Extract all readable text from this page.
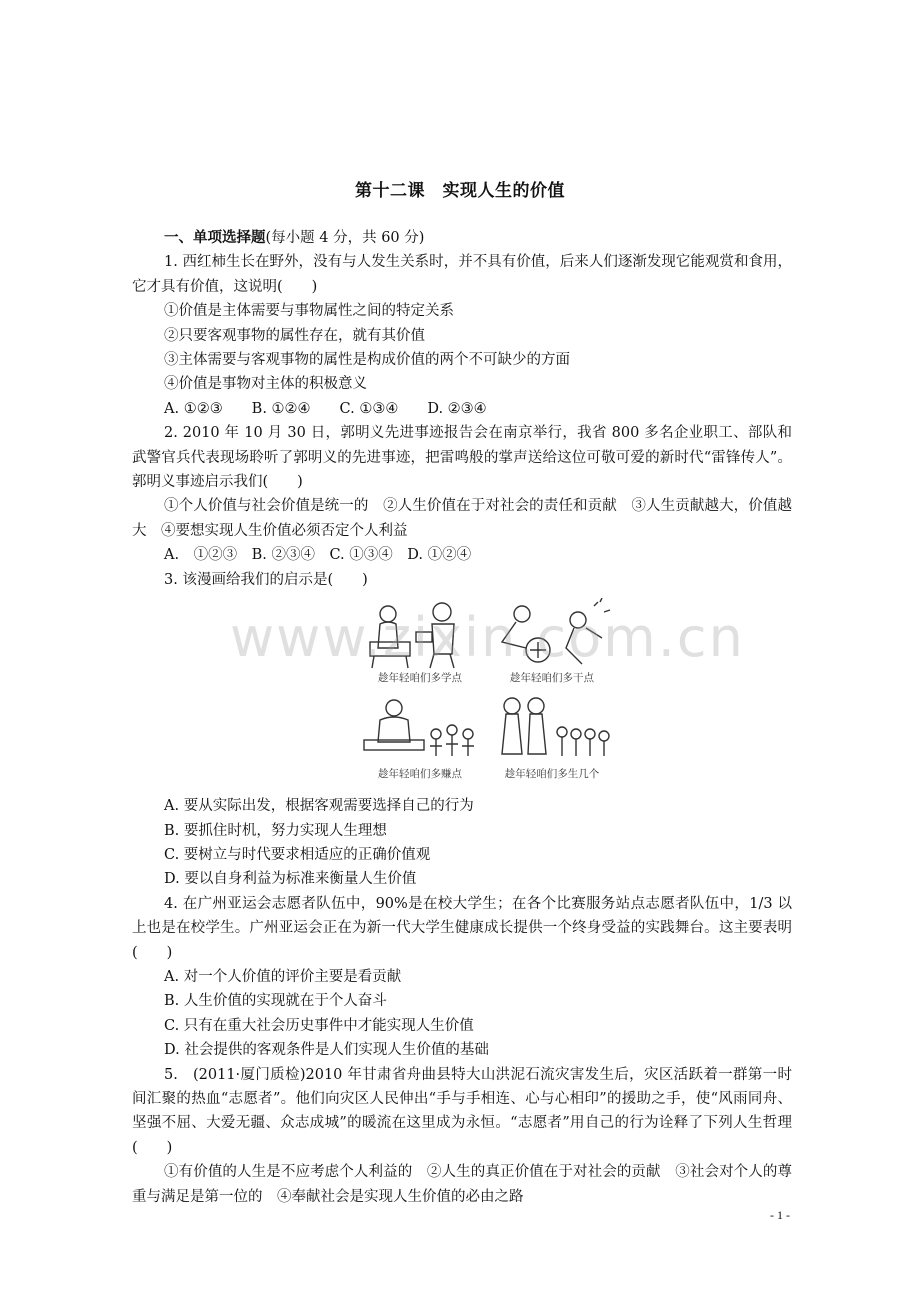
第十二课　实现人生的价值
一、单项选择题(每小题 4 分，共 60 分)
1. 西红柿生长在野外，没有与人发生关系时，并不具有价值，后来人们逐渐发现它能观赏和食用，它才具有价值，这说明(　　)
①价值是主体需要与事物属性之间的特定关系
②只要客观事物的属性存在，就有其价值
③主体需要与客观事物的属性是构成价值的两个不可缺少的方面
④价值是事物对主体的积极意义
A. ①②③　　B. ①②④　　C. ①③④　　D. ②③④
2. 2010 年 10 月 30 日，郭明义先进事迹报告会在南京举行，我省 800 多名企业职工、部队和武警官兵代表现场聆听了郭明义的先进事迹，把雷鸣般的掌声送给这位可敬可爱的新时代“雷锋传人”。郭明义事迹启示我们(　　)
①个人价值与社会价值是统一的　②人生价值在于对社会的责任和贡献　③人生贡献越大，价值越大　④要想实现人生价值必须否定个人利益
A.　①②③　B. ②③④　C. ①③④　D. ①②④
3. 该漫画给我们的启示是(　　)
趁年轻咱们多学点	趁年轻咱们多干点
趁年轻咱们多赚点	趁年轻咱们多生几个
A. 要从实际出发，根据客观需要选择自己的行为
B. 要抓住时机，努力实现人生理想
C. 要树立与时代要求相适应的正确价值观
D. 要以自身利益为标准来衡量人生价值
4. 在广州亚运会志愿者队伍中，90%是在校大学生；在各个比赛服务站点志愿者队伍中，1/3 以上也是在校学生。广州亚运会正在为新一代大学生健康成长提供一个终身受益的实践舞台。这主要表明(　　)
A. 对一个人价值的评价主要是看贡献
B. 人生价值的实现就在于个人奋斗
C. 只有在重大社会历史事件中才能实现人生价值
D. 社会提供的客观条件是人们实现人生价值的基础
5.　(2011·厦门质检)2010 年甘肃省舟曲县特大山洪泥石流灾害发生后，灾区活跃着一群第一时间汇聚的热血“志愿者”。他们向灾区人民伸出“手与手相连、心与心相印”的援助之手，使“风雨同舟、坚强不屈、大爱无疆、众志成城”的暖流在这里成为永恒。“志愿者”用自己的行为诠释了下列人生哲理(　　)
①有价值的人生是不应考虑个人利益的　②人生的真正价值在于对社会的贡献　③社会对个人的尊重与满足是第一位的　④奉献社会是实现人生价值的必由之路
www.zixin.com.cn
- 1 -
